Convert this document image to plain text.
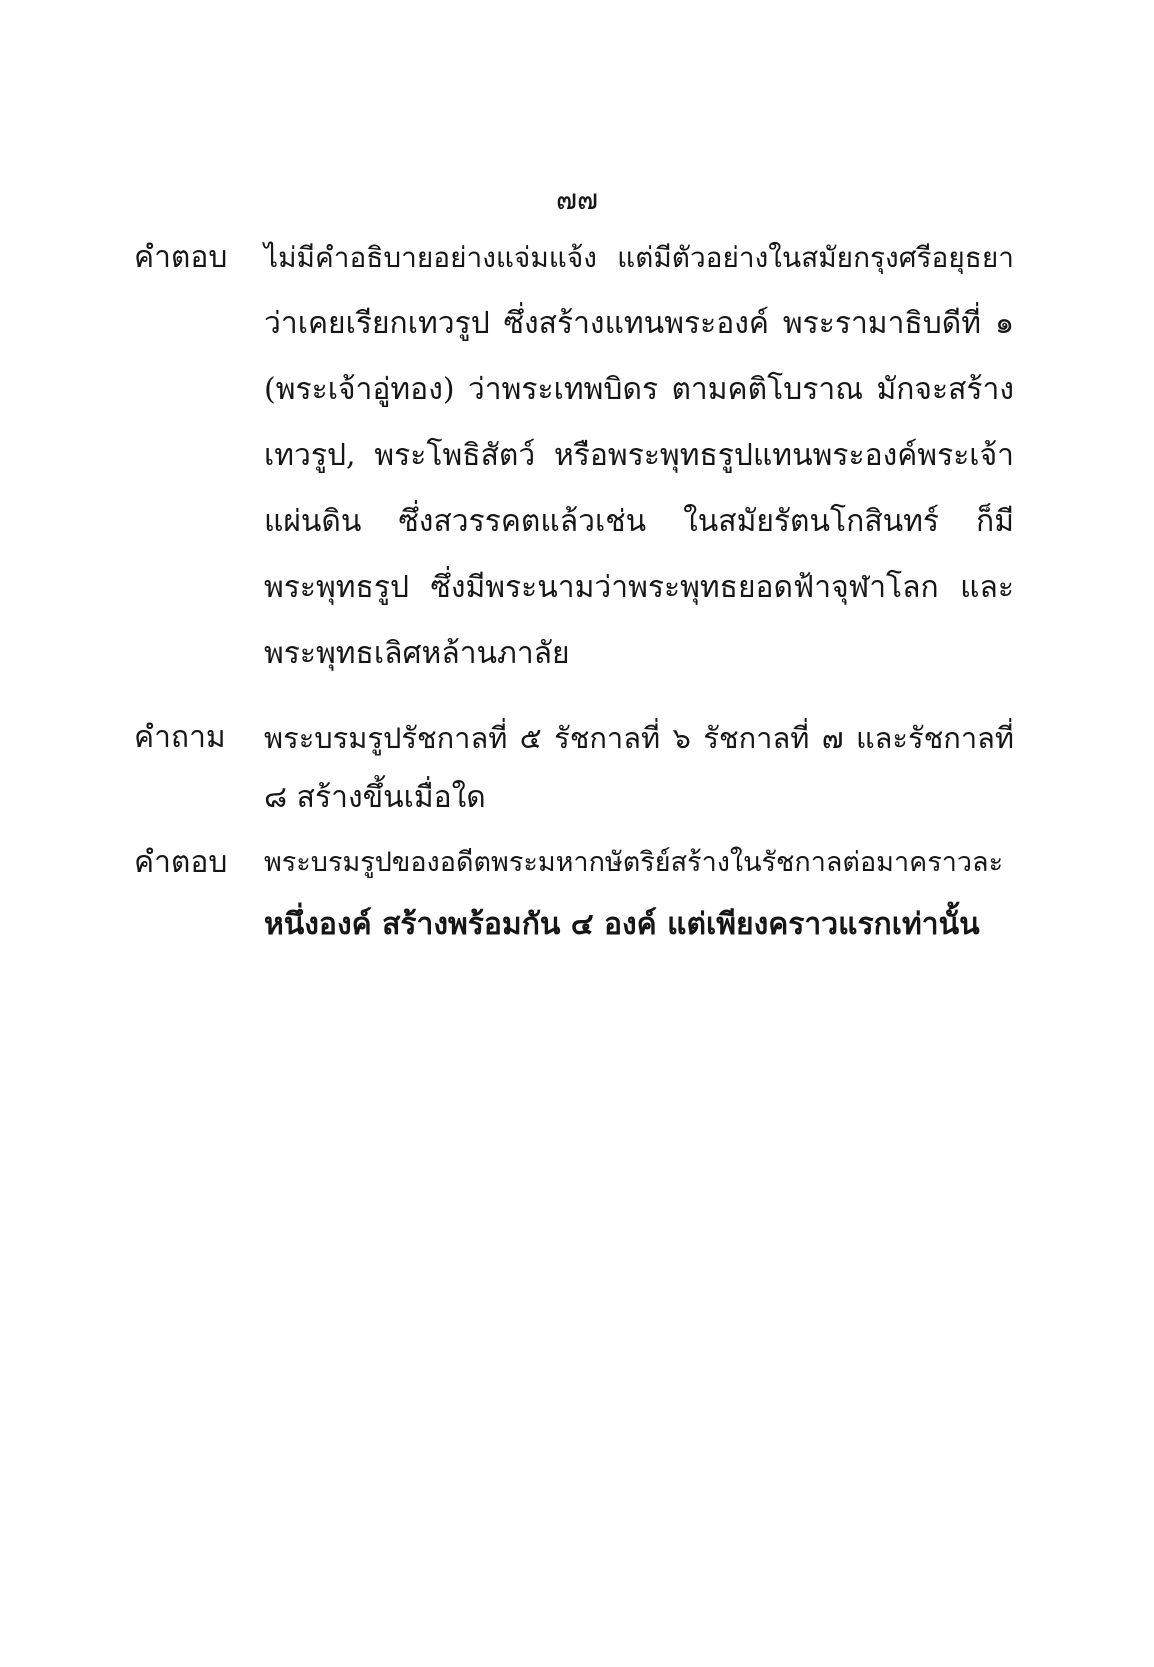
๗๗
คำตอบ	ไม่มีคำอธิบายอย่างแจ่มแจ้ง แต่มีตัวอย่างในสมัยกรุงศรีอยุธยา
ว่าเคยเรียกเทวรูป ซึ่งสร้างแทนพระองค์ พระรามาธิบดีที่ ๑
(พระเจ้าอู่ทอง) ว่าพระเทพบิดร ตามคติโบราณ มักจะสร้าง
เทวรูป, พระโพธิสัตว์ หรือพระพุทธรูปแทนพระองค์พระเจ้า
แผ่นดิน ซึ่งสวรรคตแล้วเช่น ในสมัยรัตนโกสินทร์ ก็มี
พระพุทธรูป ซึ่งมีพระนามว่าพระพุทธยอดฟ้าจุฬาโลก และ
พระพุทธเลิศหล้านภาลัย
คำถาม	พระบรมรูปรัชกาลที่ ๕ รัชกาลที่ ๖ รัชกาลที่ ๗ และรัชกาลที่
๘ สร้างขึ้นเมื่อใด
คำตอบ	พระบรมรูปของอดีตพระมหากษัตริย์สร้างในรัชกาลต่อมาคราวละ
หนึ่งองค์ สร้างพร้อมกัน ๔ องค์ แต่เพียงคราวแรกเท่านั้น
